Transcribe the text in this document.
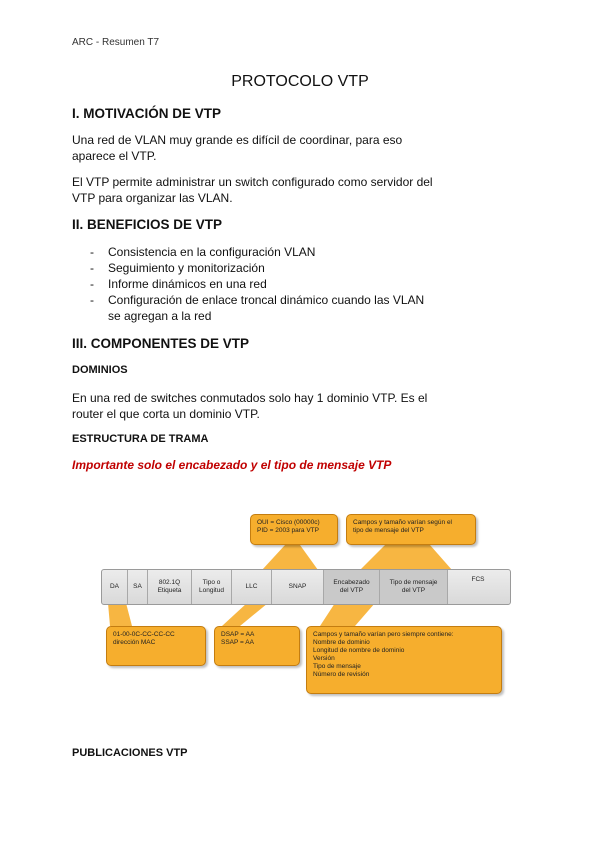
ARC - Resumen T7
PROTOCOLO VTP
I. MOTIVACIÓN DE VTP
Una red de VLAN muy grande es difícil de coordinar, para eso
aparece el VTP.
El VTP permite administrar un switch configurado como servidor del
VTP para organizar las VLAN.
II. BENEFICIOS DE VTP
- Consistencia en la configuración VLAN
- Seguimiento y monitorización
- Informe dinámicos en una red
- Configuración de enlace troncal dinámico cuando las VLAN
se agregan a la red
III. COMPONENTES DE VTP
DOMINIOS
En una red de switches conmutados solo hay 1 dominio VTP. Es el
router el que corta un dominio VTP.
ESTRUCTURA DE TRAMA
Importante solo el encabezado y el tipo de mensaje VTP
DA SA
802.1Q
Etiqueta
Tipo o
Longitud
LLC	SNAP
Encabezado
del VTP
Tipo de mensaje
del VTP
FCS
OUI = Cisco (00000c)
PID = 2003 para VTP
Campos y tamaño varían según el
tipo de mensaje del VTP
01-00-0C-CC-CC-CC
dirección MAC
DSAP = AA
SSAP = AA
Campos y tamaño varían pero siempre contiene:
Nombre de dominio
Longitud de nombre de dominio
Versión
Tipo de mensaje
Número de revisión
PUBLICACIONES VTP
